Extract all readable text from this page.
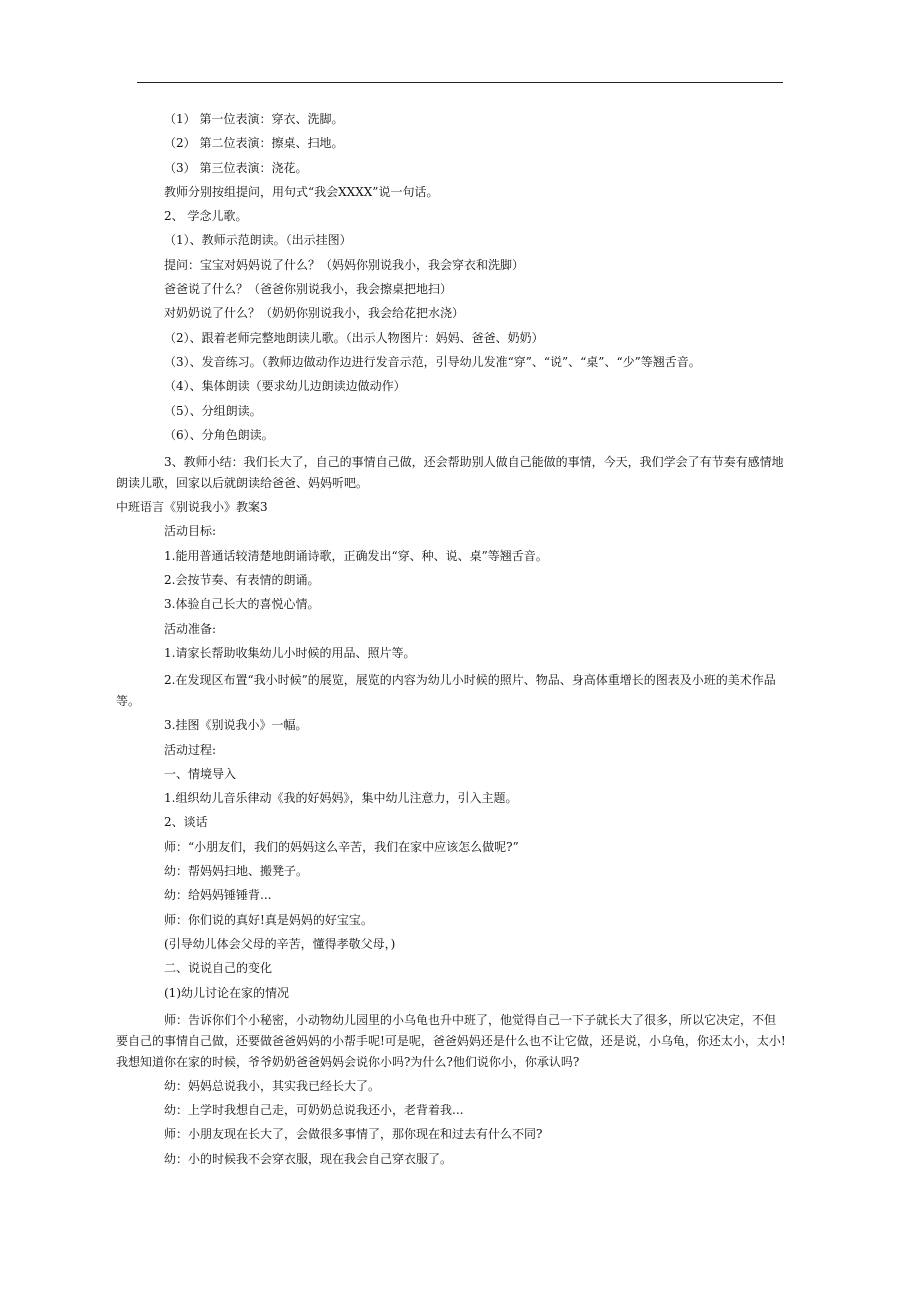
（1） 第一位表演：穿衣、洗脚。

（2） 第二位表演：擦桌、扫地。

（3） 第三位表演：浇花。

教师分别按组提问，用句式“我会XXXX”说一句话。

2、 学念儿歌。

（1）、教师示范朗读。（出示挂图）

提问：宝宝对妈妈说了什么？（妈妈你别说我小，我会穿衣和洗脚）

爸爸说了什么？（爸爸你别说我小，我会擦桌把地扫）

对奶奶说了什么？（奶奶你别说我小，我会给花把水浇）

（2）、跟着老师完整地朗读儿歌。（出示人物图片：妈妈、爸爸、奶奶）

（3）、发音练习。（教师边做动作边进行发音示范，引导幼儿发准“穿”、“说”、“桌”、“少”等翘舌音。

（4）、集体朗读（要求幼儿边朗读边做动作）

（5）、分组朗读。

（6）、分角色朗读。

3、教师小结：我们长大了，自己的事情自己做，还会帮助别人做自己能做的事情，今天，我们学会了有节奏有感情地朗读儿歌，回家以后就朗读给爸爸、妈妈听吧。

中班语言《别说我小》教案3

活动目标:

1.能用普通话较清楚地朗诵诗歌，正确发出“穿、种、说、桌”等翘舌音。

2.会按节奏、有表情的朗诵。

3.体验自己长大的喜悦心情。

活动准备:

1.请家长帮助收集幼儿小时候的用品、照片等。

2.在发现区布置“我小时候”的展览，展览的内容为幼儿小时候的照片、物品、身高体重增长的图表及小班的美术作品等。

3.挂图《别说我小》一幅。

活动过程:

一、情境导入

1.组织幼儿音乐律动《我的好妈妈》，集中幼儿注意力，引入主题。

2、谈话

师：“小朋友们，我们的妈妈这么辛苦，我们在家中应该怎么做呢?”

幼：帮妈妈扫地、搬凳子。

幼：给妈妈锤锤背...

师：你们说的真好!真是妈妈的好宝宝。

(引导幼儿体会父母的辛苦，懂得孝敬父母，)

二、说说自己的变化

(1)幼儿讨论在家的情况

师：告诉你们个小秘密，小动物幼儿园里的小乌龟也升中班了，他觉得自己一下子就长大了很多，所以它决定，不但要自己的事情自己做，还要做爸爸妈妈的小帮手呢!可是呢，爸爸妈妈还是什么也不让它做，还是说，小乌龟，你还太小，太小!我想知道你在家的时候，爷爷奶奶爸爸妈妈会说你小吗?为什么?他们说你小，你承认吗?

幼：妈妈总说我小，其实我已经长大了。

幼：上学时我想自己走，可奶奶总说我还小，老背着我...

师：小朋友现在长大了，会做很多事情了，那你现在和过去有什么不同?

幼：小的时候我不会穿衣服，现在我会自己穿衣服了。
